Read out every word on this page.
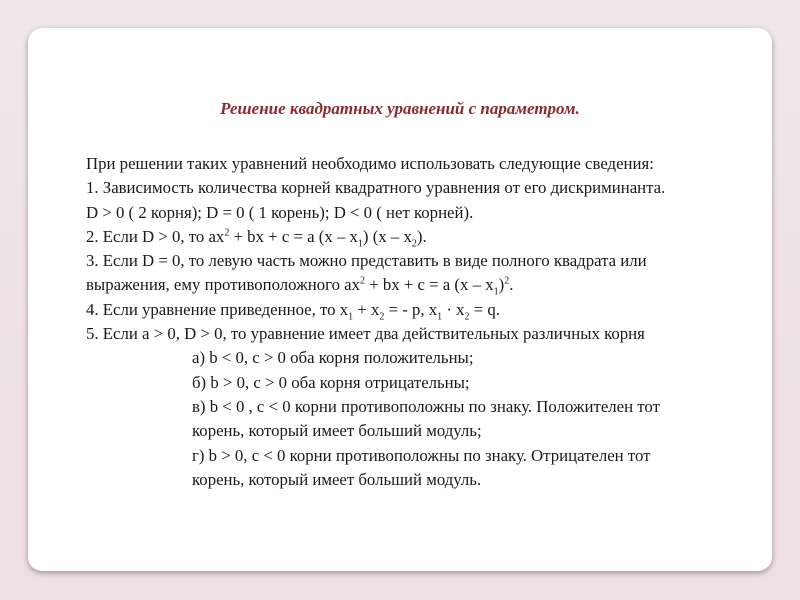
Решение квадратных уравнений с параметром.
При решении таких уравнений необходимо использовать следующие сведения:
1. Зависимость количества корней квадратного уравнения от его дискриминанта.
D > 0 ( 2 корня); D = 0 ( 1 корень); D < 0 ( нет корней).
2. Если D > 0, то $ax^2$ + bx + c = a $(x - x_1)$ $(x - x_2)$.
3. Если D = 0, то левую часть можно представить в виде полного квадрата или
выражения, ему противоположного $ax^2$ + bx + c = a $(x - x_1)^2$.
4. Если уравнение приведенное, то $x_1 + x_2$ = - p, $x_1 \cdot x_2 = q$.
5. Если a > 0, D > 0, то уравнение имеет два действительных различных корня
а) b < 0, c > 0 оба корня положительны;
б) b > 0, c > 0 оба корня отрицательны;
в) b < 0 , c < 0 корни противоположны по знаку. Положителен тот
корень, который имеет больший модуль;
г) b > 0, c < 0 корни противоположны по знаку. Отрицателен тот
корень, который имеет больший модуль.
